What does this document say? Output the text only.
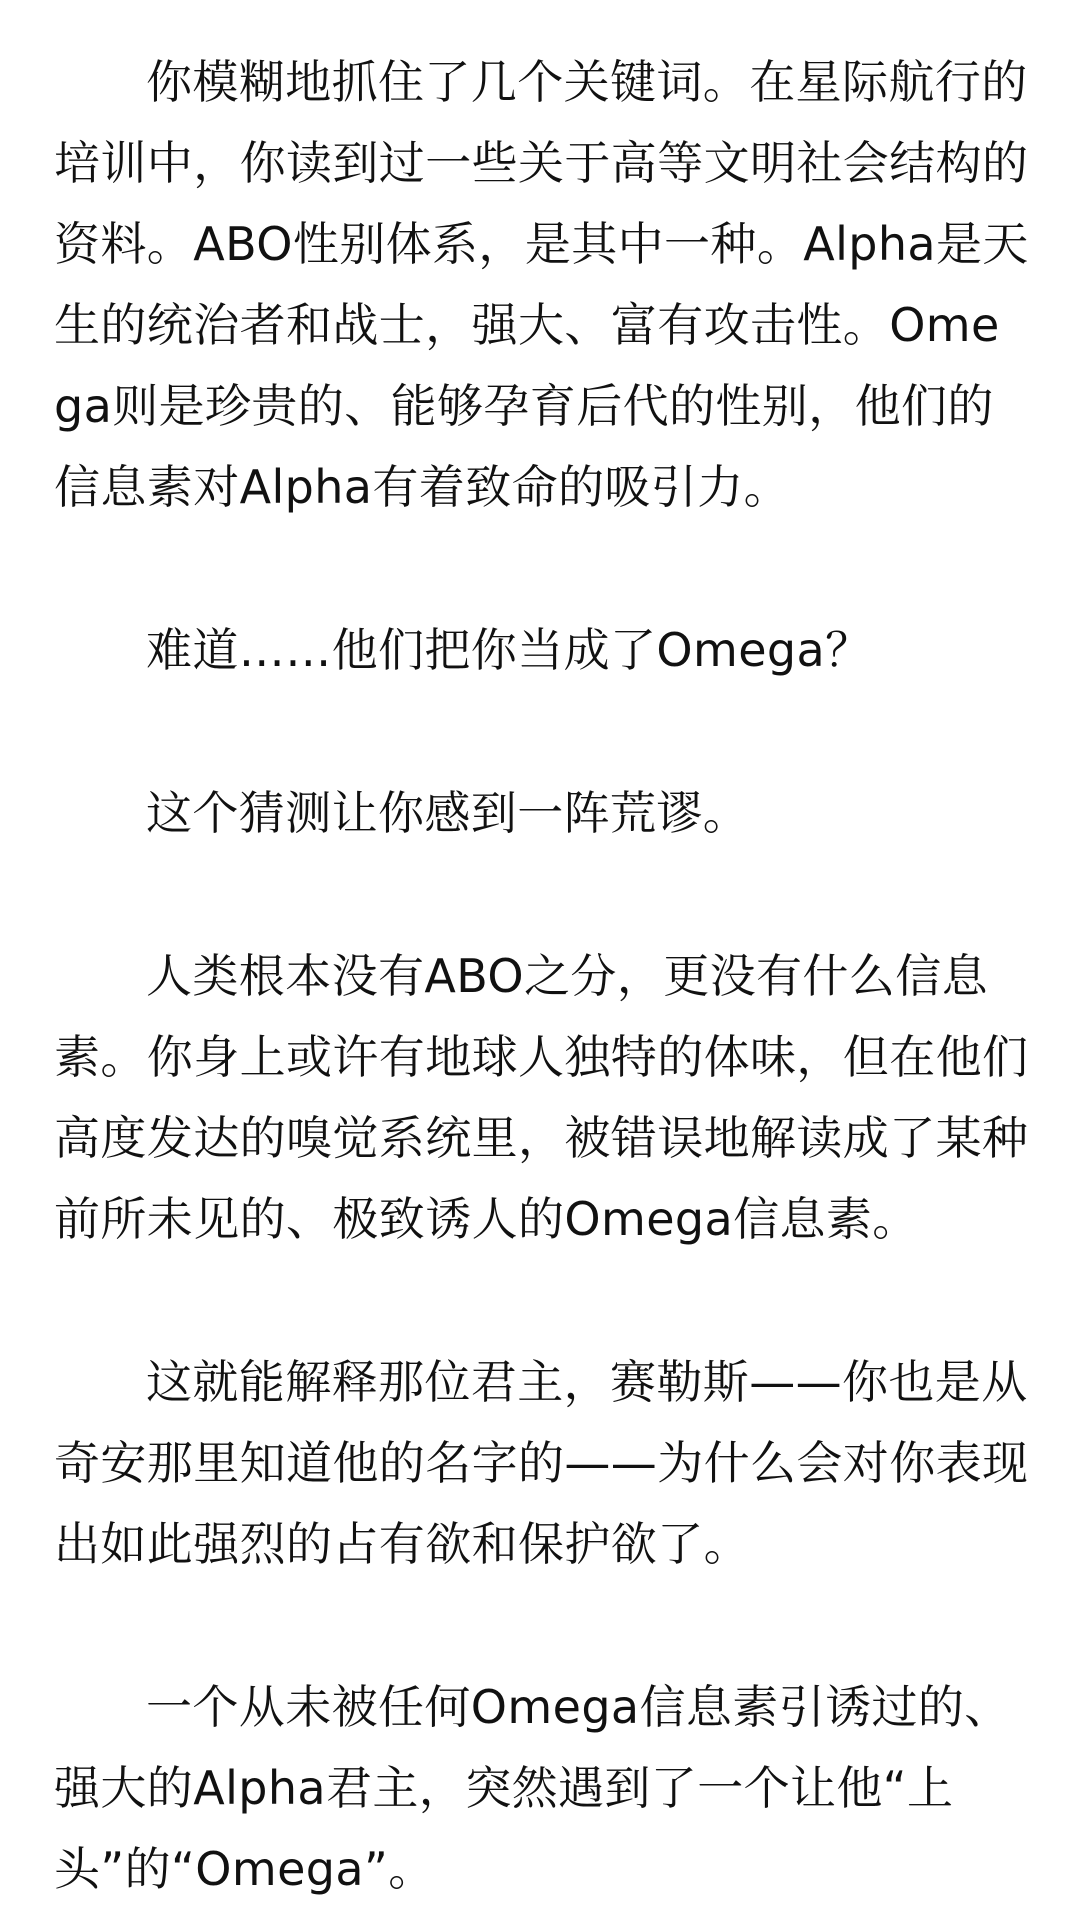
你模糊地抓住了几个关键词。在星际航行的培训中，你读到过一些关于高等文明社会结构的资料。ABO性别体系，是其中一种。Alpha是天生的统治者和战士，强大、富有攻击性。Omega则是珍贵的、能够孕育后代的性别，他们的信息素对Alpha有着致命的吸引力。

难道……他们把你当成了Omega？

这个猜测让你感到一阵荒谬。

人类根本没有ABO之分，更没有什么信息素。你身上或许有地球人独特的体味，但在他们高度发达的嗅觉系统里，被错误地解读成了某种前所未见的、极致诱人的Omega信息素。

这就能解释那位君主，赛勒斯——你也是从奇安那里知道他的名字的——为什么会对你表现出如此强烈的占有欲和保护欲了。

一个从未被任何Omega信息素引诱过的、强大的Alpha君主，突然遇到了一个让他“上头”的“Omega”。
